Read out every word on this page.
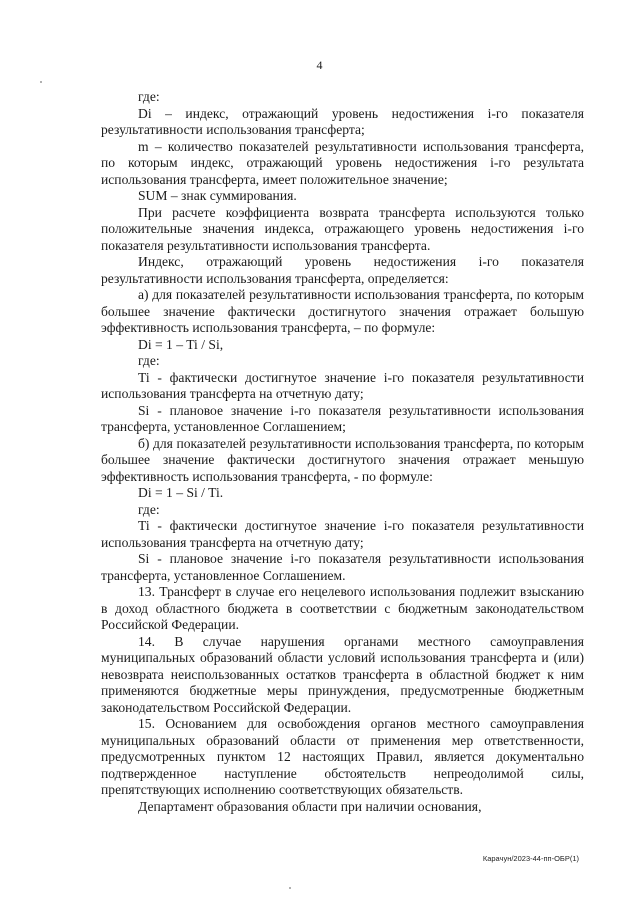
4

где:

Di – индекс, отражающий уровень недостижения i-го показателя результативности использования трансферта;

m – количество показателей результативности использования трансферта, по которым индекс, отражающий уровень недостижения i-го результата использования трансферта, имеет положительное значение;

SUM – знак суммирования.

При расчете коэффициента возврата трансферта используются только положительные значения индекса, отражающего уровень недостижения i-го показателя результативности использования трансферта.

Индекс, отражающий уровень недостижения i-го показателя результативности использования трансферта, определяется:

а) для показателей результативности использования трансферта, по которым большее значение фактически достигнутого значения отражает большую эффективность использования трансферта, – по формуле:

Di = 1 – Ti / Si,

где:

Ti - фактически достигнутое значение i-го показателя результативности использования трансферта на отчетную дату;

Si - плановое значение i-го показателя результативности использования трансферта, установленное Соглашением;

б) для показателей результативности использования трансферта, по которым большее значение фактически достигнутого значения отражает меньшую эффективность использования трансферта, - по формуле:

Di = 1 – Si / Ti.

где:

Ti - фактически достигнутое значение i-го показателя результативности использования трансферта на отчетную дату;

Si - плановое значение i-го показателя результативности использования трансферта, установленное Соглашением.

13. Трансферт в случае его нецелевого использования подлежит взысканию в доход областного бюджета в соответствии с бюджетным законодательством Российской Федерации.

14. В случае нарушения органами местного самоуправления муниципальных образований области условий использования трансферта и (или) невозврата неиспользованных остатков трансферта в областной бюджет к ним применяются бюджетные меры принуждения, предусмотренные бюджетным законодательством Российской Федерации.

15. Основанием для освобождения органов местного самоуправления муниципальных образований области от применения мер ответственности, предусмотренных пунктом 12 настоящих Правил, является документально подтвержденное наступление обстоятельств непреодолимой силы, препятствующих исполнению соответствующих обязательств.

Департамент образования области при наличии основания,

Карачун/2023-44-пп-ОБР(1)
